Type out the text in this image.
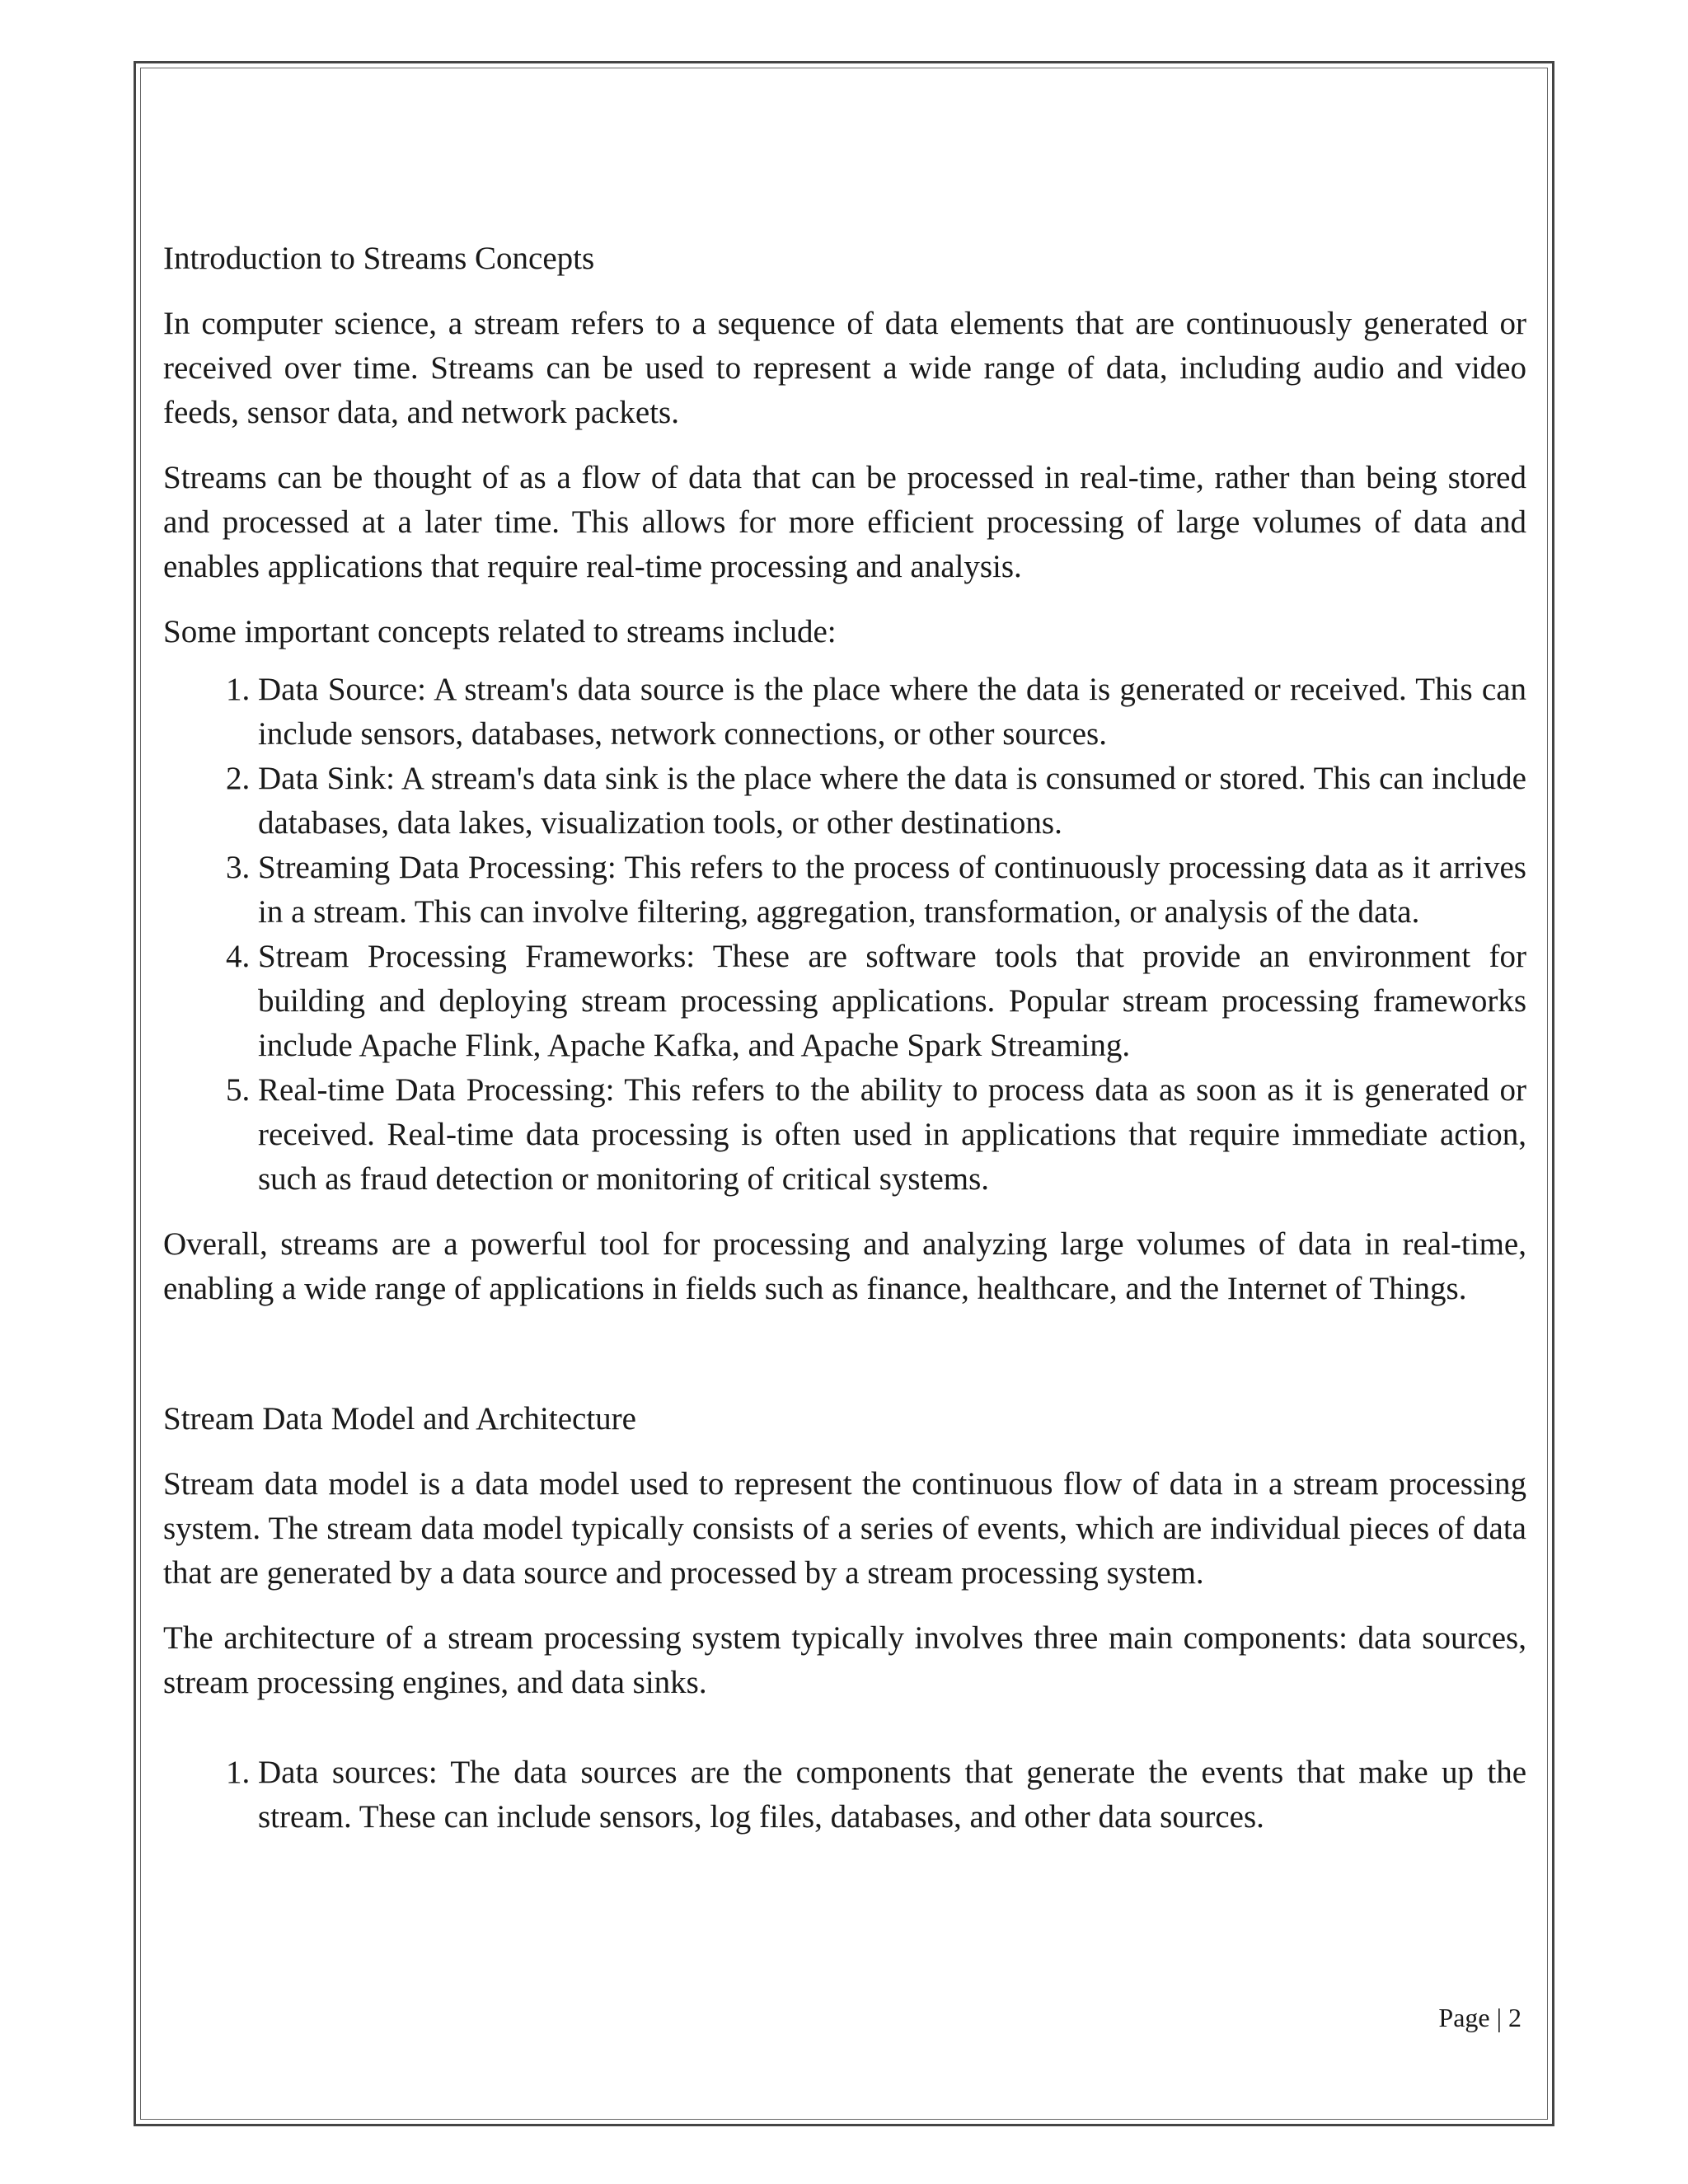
Introduction to Streams Concepts

In computer science, a stream refers to a sequence of data elements that are continuously generated or received over time. Streams can be used to represent a wide range of data, including audio and video feeds, sensor data, and network packets.

Streams can be thought of as a flow of data that can be processed in real-time, rather than being stored and processed at a later time. This allows for more efficient processing of large volumes of data and enables applications that require real-time processing and analysis.

Some important concepts related to streams include:

1. Data Source: A stream's data source is the place where the data is generated or received. This can include sensors, databases, network connections, or other sources.
2. Data Sink: A stream's data sink is the place where the data is consumed or stored. This can include databases, data lakes, visualization tools, or other destinations.
3. Streaming Data Processing: This refers to the process of continuously processing data as it arrives in a stream. This can involve filtering, aggregation, transformation, or analysis of the data.
4. Stream Processing Frameworks: These are software tools that provide an environment for building and deploying stream processing applications. Popular stream processing frameworks include Apache Flink, Apache Kafka, and Apache Spark Streaming.
5. Real-time Data Processing: This refers to the ability to process data as soon as it is generated or received. Real-time data processing is often used in applications that require immediate action, such as fraud detection or monitoring of critical systems.

Overall, streams are a powerful tool for processing and analyzing large volumes of data in real-time, enabling a wide range of applications in fields such as finance, healthcare, and the Internet of Things.

Stream Data Model and Architecture

Stream data model is a data model used to represent the continuous flow of data in a stream processing system. The stream data model typically consists of a series of events, which are individual pieces of data that are generated by a data source and processed by a stream processing system.

The architecture of a stream processing system typically involves three main components: data sources, stream processing engines, and data sinks.

1. Data sources: The data sources are the components that generate the events that make up the stream. These can include sensors, log files, databases, and other data sources.
Page | 2
